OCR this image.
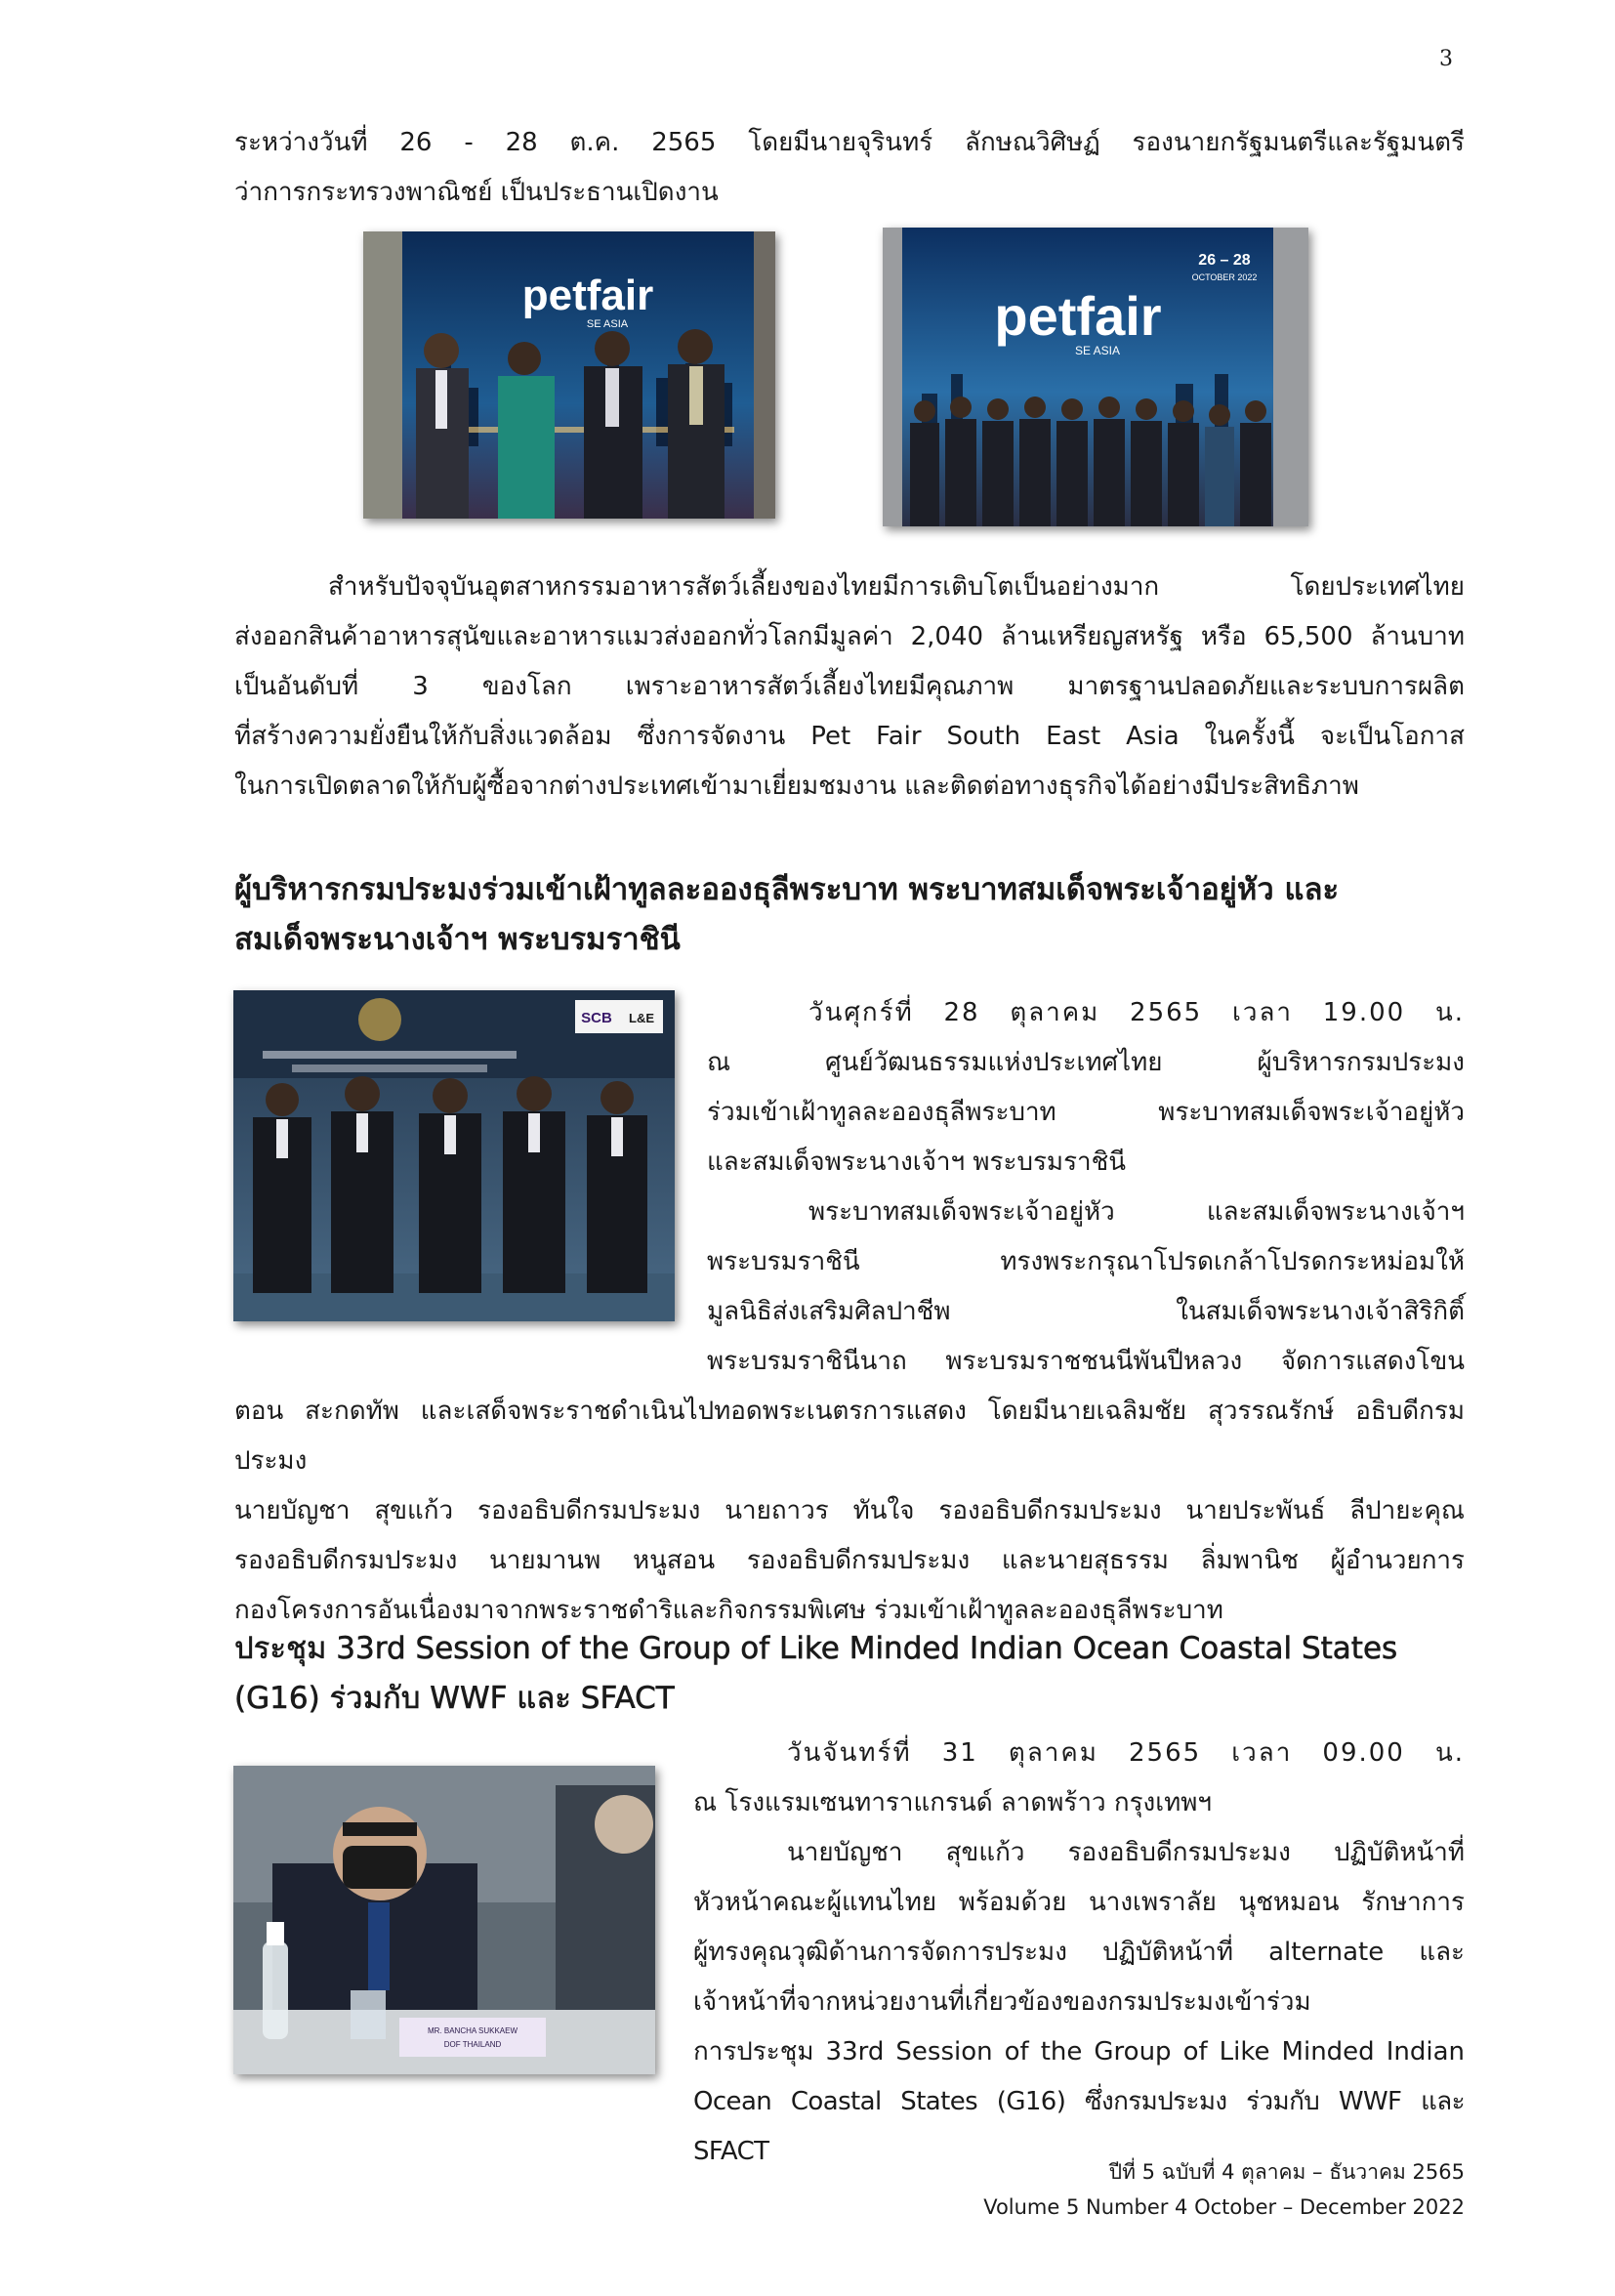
3
ระหว่างวันที่ 26 - 28 ต.ค. 2565 โดยมีนายจุรินทร์ ลักษณวิศิษฏ์ รองนายกรัฐมนตรีและรัฐมนตรี
ว่าการกระทรวงพาณิชย์ เป็นประธานเปิดงาน
petfair
SE ASIA	petfair
SE ASIA
26 – 28
OCTOBER 2022
สำหรับปัจจุบันอุตสาหกรรมอาหารสัตว์เลี้ยงของไทยมีการเติบโตเป็นอย่างมาก โดยประเทศไทย
ส่งออกสินค้าอาหารสุนัขและอาหารแมวส่งออกทั่วโลกมีมูลค่า 2,040 ล้านเหรียญสหรัฐ หรือ 65,500 ล้านบาท
เป็นอันดับที่ 3 ของโลก เพราะอาหารสัตว์เลี้ยงไทยมีคุณภาพ มาตรฐานปลอดภัยและระบบการผลิต
ที่สร้างความยั่งยืนให้กับสิ่งแวดล้อม ซึ่งการจัดงาน Pet Fair South East Asia ในครั้งนี้ จะเป็นโอกาส
ในการเปิดตลาดให้กับผู้ซื้อจากต่างประเทศเข้ามาเยี่ยมชมงาน และติดต่อทางธุรกิจได้อย่างมีประสิทธิภาพ
ผู้บริหารกรมประมงร่วมเข้าเฝ้าทูลละอองธุลีพระบาท พระบาทสมเด็จพระเจ้าอยู่หัว และ
สมเด็จพระนางเจ้าฯ พระบรมราชินี
SCB L&E	วันศุกร์ที่ 28 ตุลาคม 2565 เวลา 19.00 น.
ณ ศูนย์วัฒนธรรมแห่งประเทศไทย ผู้บริหารกรมประมง
ร่วมเข้าเฝ้าทูลละอองธุลีพระบาท พระบาทสมเด็จพระเจ้าอยู่หัว
และสมเด็จพระนางเจ้าฯ พระบรมราชินี
พระบาทสมเด็จพระเจ้าอยู่หัว และสมเด็จพระนางเจ้าฯ
พระบรมราชินี ทรงพระกรุณาโปรดเกล้าโปรดกระหม่อมให้
มูลนิธิส่งเสริมศิลปาชีพ ในสมเด็จพระนางเจ้าสิริกิติ์
พระบรมราชินีนาถ พระบรมราชชนนีพันปีหลวง จัดการแสดงโขน
ตอน สะกดทัพ และเสด็จพระราชดำเนินไปทอดพระเนตรการแสดง โดยมีนายเฉลิมชัย สุวรรณรักษ์ อธิบดีกรมประมง
นายบัญชา สุขแก้ว รองอธิบดีกรมประมง นายถาวร ทันใจ รองอธิบดีกรมประมง นายประพันธ์ ลีปายะคุณ
รองอธิบดีกรมประมง นายมานพ หนูสอน รองอธิบดีกรมประมง และนายสุธรรม ลิ่มพานิช ผู้อำนวยการ
กองโครงการอันเนื่องมาจากพระราชดำริและกิจกรรมพิเศษ ร่วมเข้าเฝ้าทูลละอองธุลีพระบาท
ประชุม 33rd Session of the Group of Like Minded Indian Ocean Coastal States
(G16) ร่วมกับ WWF และ SFACT
MR. BANCHA SUKKAEW
DOF THAILAND
วันจันทร์ที่ 31 ตุลาคม 2565 เวลา 09.00 น.
ณ โรงแรมเซนทาราแกรนด์ ลาดพร้าว กรุงเทพฯ
นายบัญชา สุขแก้ว รองอธิบดีกรมประมง ปฏิบัติหน้าที่
หัวหน้าคณะผู้แทนไทย พร้อมด้วย นางเพราลัย นุชหมอน รักษาการ
ผู้ทรงคุณวุฒิด้านการจัดการประมง ปฏิบัติหน้าที่ alternate และ
เจ้าหน้าที่จากหน่วยงานที่เกี่ยวข้องของกรมประมงเข้าร่วม
การประชุม 33rd Session of the Group of Like Minded Indian
Ocean Coastal States (G16) ซึ่งกรมประมง ร่วมกับ WWF และ SFACT
ปีที่ 5 ฉบับที่ 4 ตุลาคม – ธันวาคม 2565
Volume 5 Number 4 October – December 2022
